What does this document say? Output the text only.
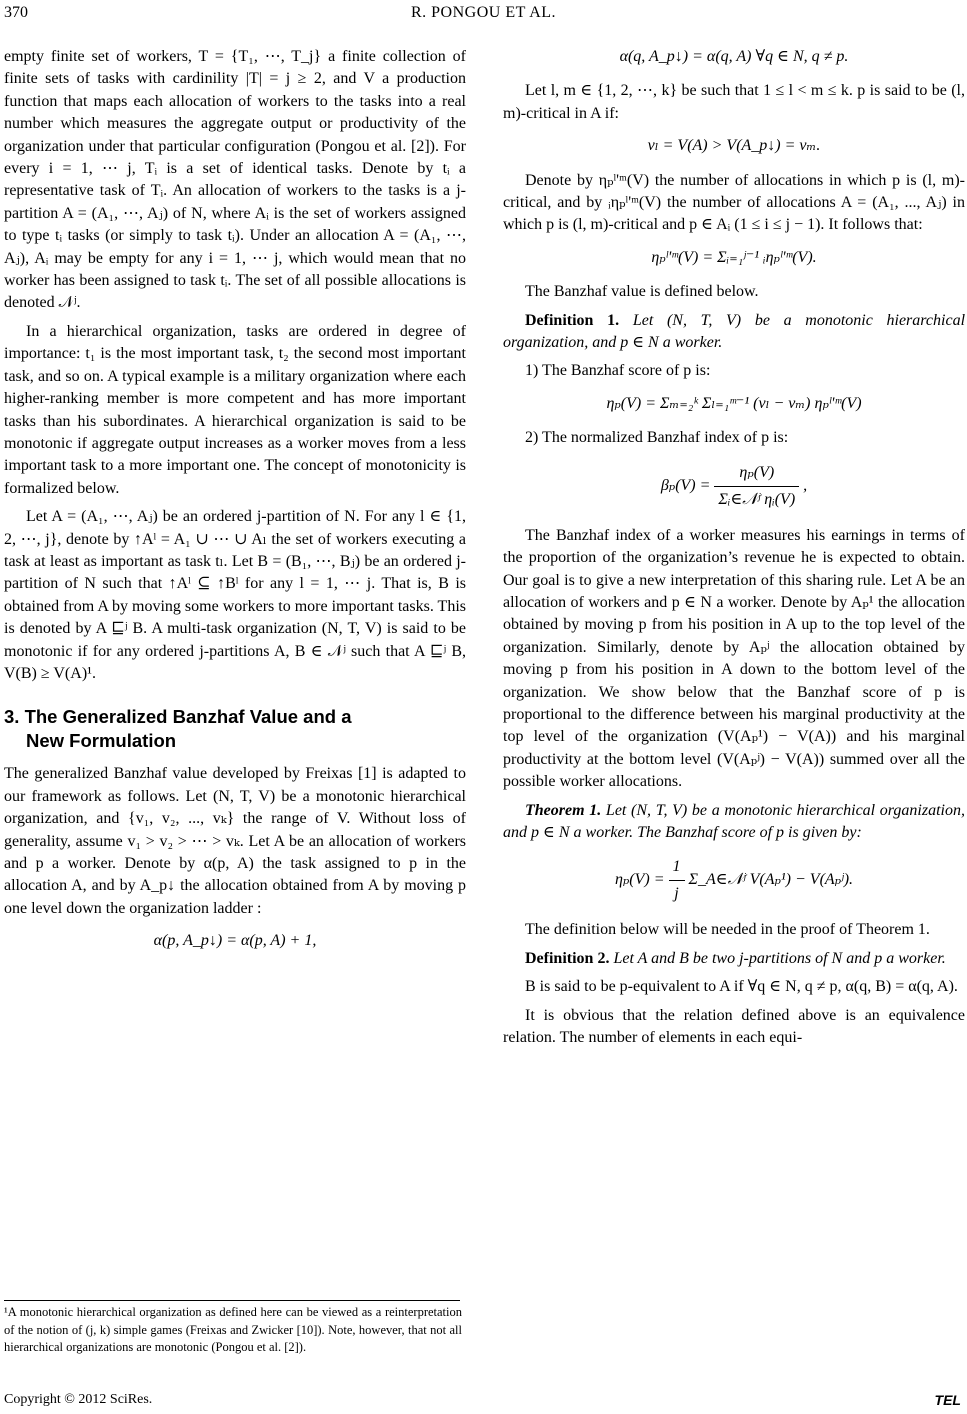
370	R. PONGOU ET AL.

empty finite set of workers, T = {T₁, ⋯, T_j} a finite collection of finite sets of tasks with cardinility |T| = j ≥ 2, and V a production function that maps each allocation of workers to the tasks into a real number which measures the aggregate output or productivity of the organization under that particular configuration (Pongou et al. [2]). For every i = 1, ⋯ j, Tᵢ is a set of identical tasks. Denote by tᵢ a representative task of Tᵢ. An allocation of workers to the tasks is a j-partition A = (A₁, ⋯, Aⱼ) of N, where Aᵢ is the set of workers assigned to type tᵢ tasks (or simply to task tᵢ). Under an allocation A = (A₁, ⋯, Aⱼ), Aᵢ may be empty for any i = 1, ⋯ j, which would mean that no worker has been assigned to task tᵢ. The set of all possible allocations is denoted 𝒩ʲ.

In a hierarchical organization, tasks are ordered in degree of importance: t₁ is the most important task, t₂ the second most important task, and so on. A typical example is a military organization where each higher-ranking member is more competent and has more important tasks than his subordinates. A hierarchical organization is said to be monotonic if aggregate output increases as a worker moves from a less important task to a more important one. The concept of monotonicity is formalized below.

Let A = (A₁, ⋯, Aⱼ) be an ordered j-partition of N. For any l ∈ {1, 2, ⋯, j}, denote by ↑Aˡ = A₁ ∪ ⋯ ∪ Aₗ the set of workers executing a task at least as important as task tₗ. Let B = (B₁, ⋯, Bⱼ) be an ordered j-partition of N such that ↑Aˡ ⊆ ↑Bˡ for any l = 1, ⋯ j. That is, B is obtained from A by moving some workers to more important tasks. This is denoted by A ⊑ʲ B. A multi-task organization (N, T, V) is said to be monotonic if for any ordered j-partitions A, B ∈ 𝒩ʲ such that A ⊑ʲ B, V(B) ≥ V(A)¹.

3. The Generalized Banzhaf Value and a
New Formulation

The generalized Banzhaf value developed by Freixas [1] is adapted to our framework as follows. Let (N, T, V) be a monotonic hierarchical organization, and {v₁, v₂, ..., vₖ} the range of V. Without loss of generality, assume v₁ > v₂ > ⋯ > vₖ. Let A be an allocation of workers and p a worker. Denote by α(p, A) the task assigned to p in the allocation A, and by A_p↓ the allocation obtained from A by moving p one level down the organization ladder :

α(p, A_p↓) = α(p, A) + 1,
α(q, A_p↓) = α(q, A) ∀q ∈ N, q ≠ p.

Let l, m ∈ {1, 2, ⋯, k} be such that 1 ≤ l < m ≤ k. p is said to be (l, m)-critical in A if:

vₗ = V(A) > V(A_p↓) = vₘ.

Denote by ηₚˡ'ᵐ(V) the number of allocations in which p is (l, m)-critical, and by ᵢηₚˡ'ᵐ(V) the number of allocations A = (A₁, ..., Aⱼ) in which p is (l, m)-critical and p ∈ Aᵢ (1 ≤ i ≤ j − 1). It follows that:

ηₚˡ'ᵐ(V) = Σᵢ₌₁ʲ⁻¹ ᵢηₚˡ'ᵐ(V).

The Banzhaf value is defined below.

Definition 1. Let (N, T, V) be a monotonic hierarchical organization, and p ∈ N a worker.

1) The Banzhaf score of p is:

ηₚ(V) = Σₘ₌₂ᵏ Σₗ₌₁ᵐ⁻¹ (vₗ − vₘ) ηₚˡ'ᵐ(V)

2) The normalized Banzhaf index of p is:

$\beta_p(V) = \frac{\text{ηₚ(V)}}{\text{Σᵢ∈𝒩ʲ ηᵢ(V)}}$ ,

The Banzhaf index of a worker measures his earnings in terms of the proportion of the organization’s revenue he is expected to obtain. Our goal is to give a new interpretation of this sharing rule. Let A be an allocation of workers and p ∈ N a worker. Denote by Aₚ¹ the allocation obtained by moving p from his position in A up to the top level of the organization. Similarly, denote by Aₚʲ the allocation obtained by moving p from his position in A down to the bottom level of the organization. We show below that the Banzhaf score of p is proportional to the difference between his marginal productivity at the top level of the organization (V(Aₚ¹) − V(A)) and his marginal productivity at the bottom level (V(Aₚʲ) − V(A)) summed over all the possible worker allocations.

Theorem 1. Let (N, T, V) be a monotonic hierarchical organization, and p ∈ N a worker. The Banzhaf score of p is given by:

$\eta_p(V) = \frac{1}{j}$ Σ_A∈𝒩ʲ V(Aₚ¹) − V(Aₚʲ).

The definition below will be needed in the proof of Theorem 1.

Definition 2. Let A and B be two j-partitions of N and p a worker.

B is said to be p-equivalent to A if ∀q ∈ N, q ≠ p, α(q, B) = α(q, A).

It is obvious that the relation defined above is an equivalence relation. The number of elements in each equi-

¹A monotonic hierarchical organization as defined here can be viewed as a reinterpretation of the notion of (j, k) simple games (Freixas and Zwicker [10]). Note, however, that not all hierarchical organizations are monotonic (Pongou et al. [2]).
Copyright © 2012 SciRes.	TEL
